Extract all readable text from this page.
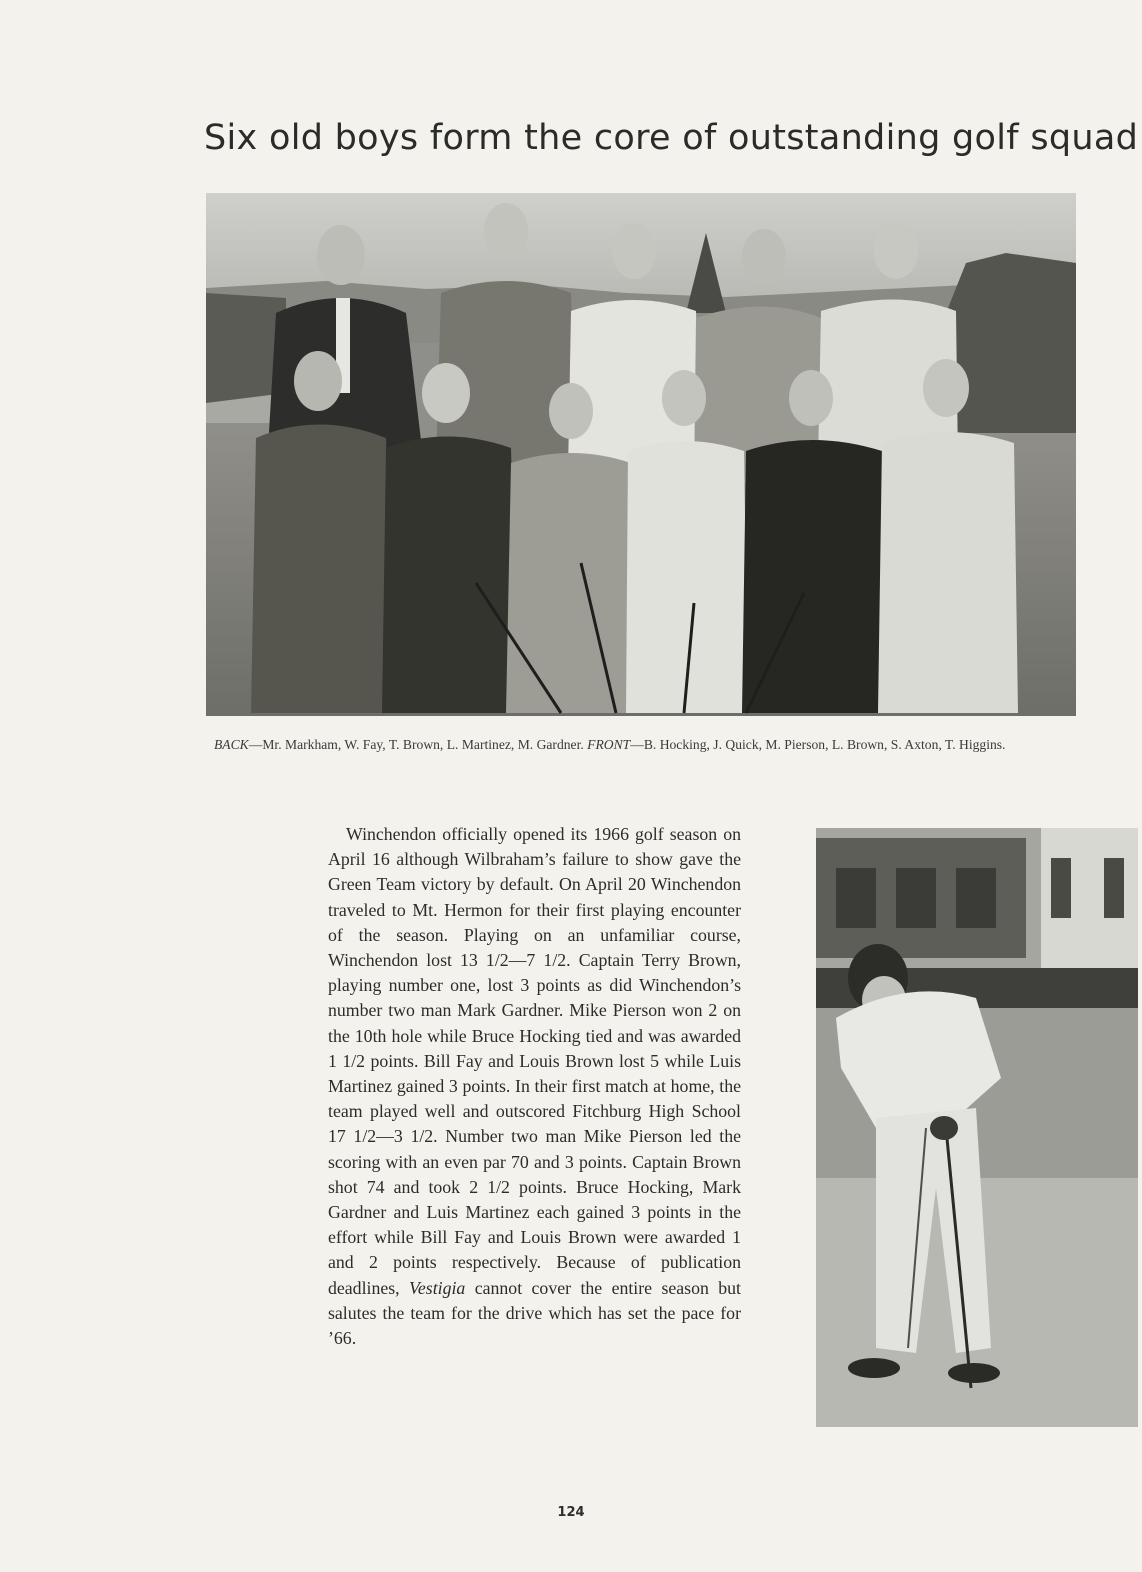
Six old boys form the core of outstanding golf squad
BACK—Mr. Markham, W. Fay, T. Brown, L. Martinez, M. Gardner. FRONT—B. Hocking, J. Quick, M. Pierson, L. Brown, S. Axton, T. Higgins.
Winchendon officially opened its 1966 golf season on April 16 although Wilbraham’s failure to show gave the Green Team victory by default. On April 20 Winchendon traveled to Mt. Hermon for their first playing encounter of the season. Playing on an unfamiliar course, Winchendon lost 13 1/2—7 1/2. Captain Terry Brown, playing number one, lost 3 points as did Winchendon’s number two man Mark Gardner. Mike Pierson won 2 on the 10th hole while Bruce Hocking tied and was awarded 1 1/2 points. Bill Fay and Louis Brown lost 5 while Luis Martinez gained 3 points. In their first match at home, the team played well and outscored Fitchburg High School 17 1/2—3 1/2. Number two man Mike Pierson led the scoring with an even par 70 and 3 points. Captain Brown shot 74 and took 2 1/2 points. Bruce Hocking, Mark Gardner and Luis Martinez each gained 3 points in the effort while Bill Fay and Louis Brown were awarded 1 and 2 points respectively. Because of publication deadlines, Vestigia cannot cover the entire season but salutes the team for the drive which has set the pace for ’66.
124
